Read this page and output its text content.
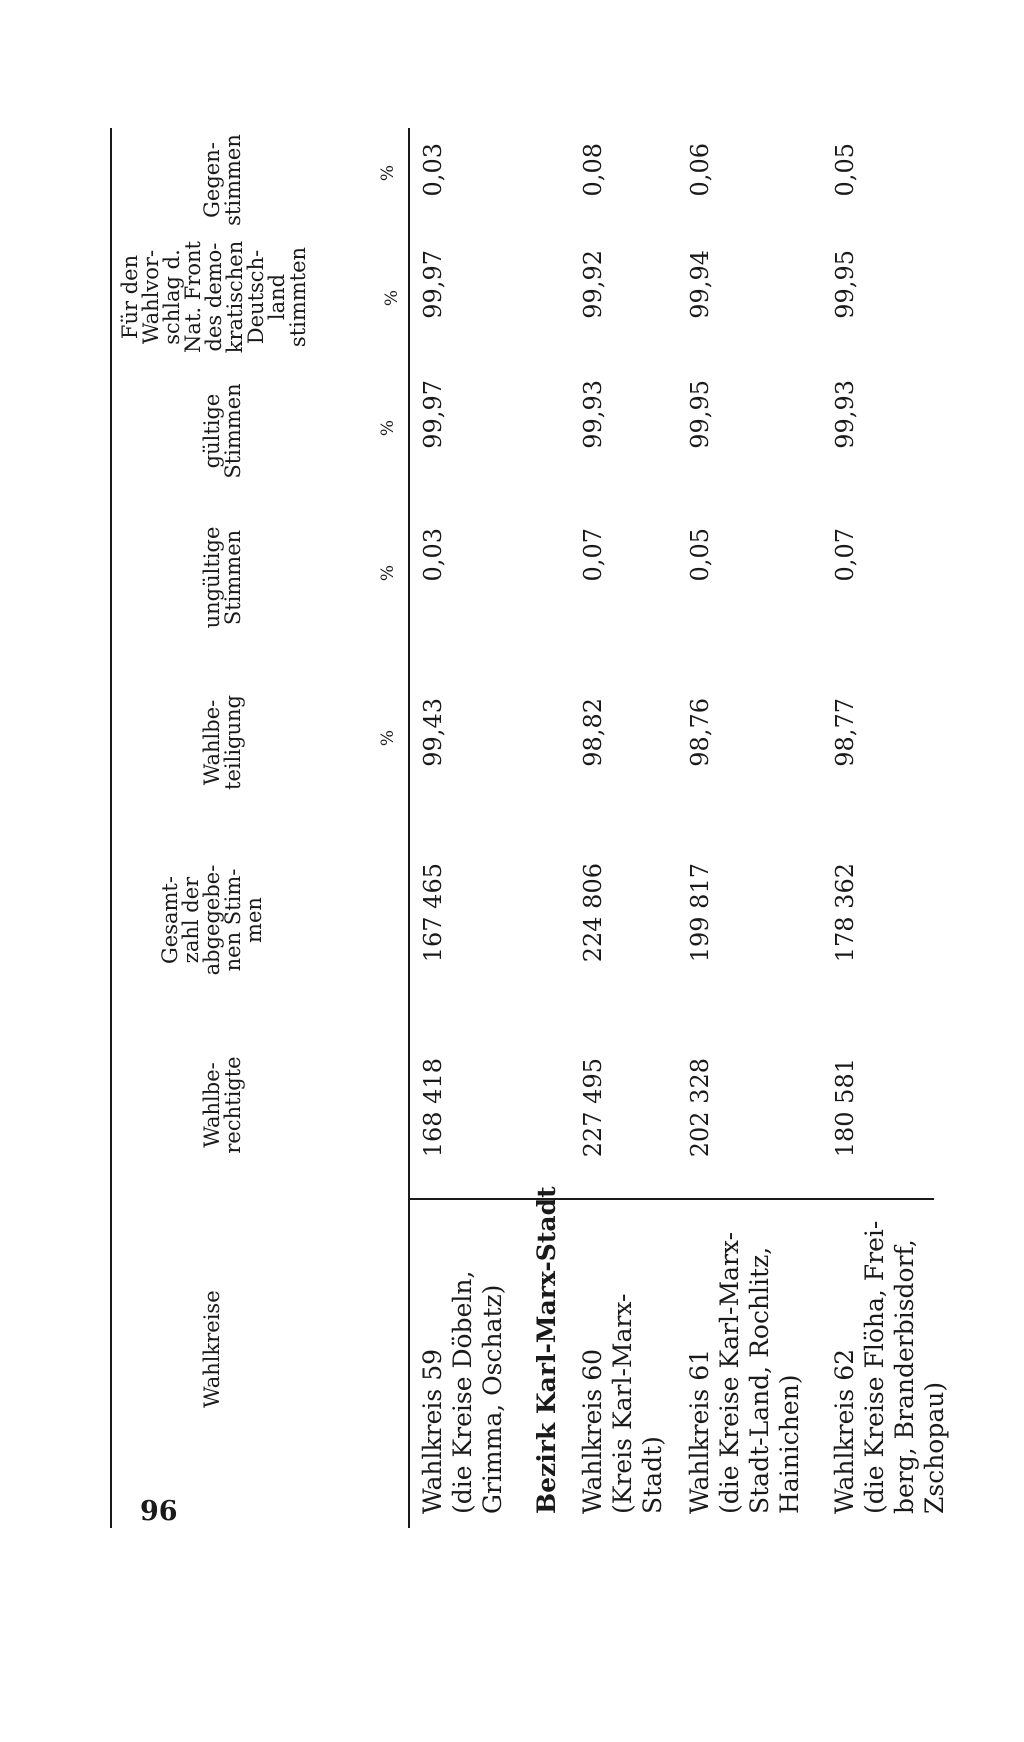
96
Wahlkreise
Wahlbe-
rechtigte
Gesamt-
zahl der
abgegebe-
nen Stim-
men
Wahlbe-
teiligung
ungültige
Stimmen
gültige
Stimmen
Für den
Wahlvor-
schlag d.
Nat. Front
des demo-
kratischen
Deutsch-
land
stimmten
Gegen-
stimmen
%
%
%
%
%
Bezirk Karl-Marx-Stadt
Wahlkreis 59 (die Kreise Döbeln, Grimma, Oschatz)
168 418
167 465
99,43
0,03
99,97
99,97
0,03
Wahlkreis 60 (Kreis Karl-Marx- Stadt)
227 495
224 806
98,82
0,07
99,93
99,92
0,08
Wahlkreis 61 (die Kreise Karl-Marx- Stadt-Land, Rochlitz, Hainichen)
202 328
199 817
98,76
0,05
99,95
99,94
0,06
Wahlkreis 62 (die Kreise Flöha, Frei- berg, Branderbisdorf, Zschopau)
180 581
178 362
98,77
0,07
99,93
99,95
0,05
